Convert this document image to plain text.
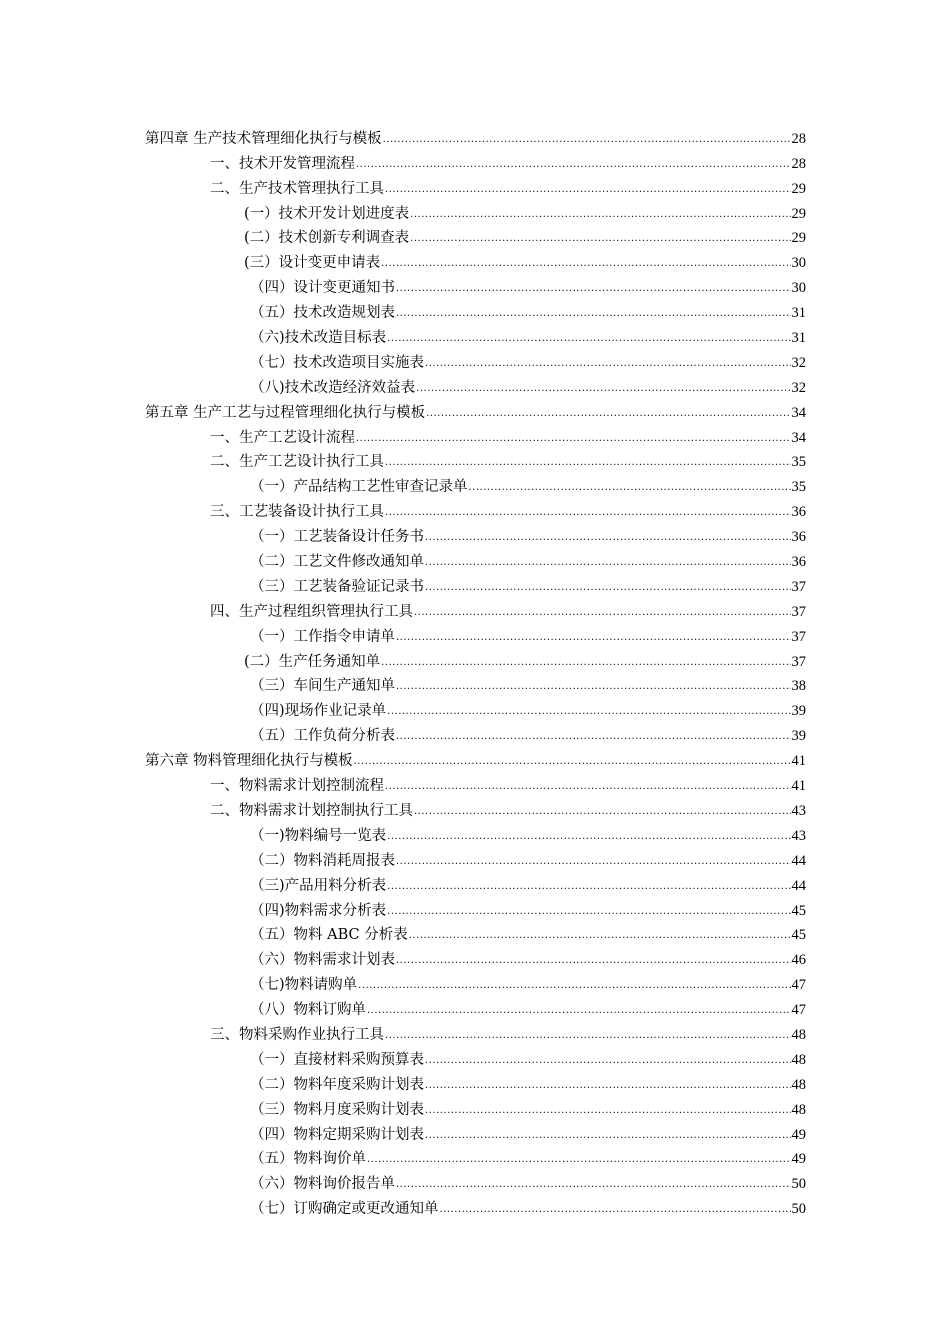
第四章 生产技术管理细化执行与模板 .....	28
一、技术开发管理流程 .....	28
二、生产技术管理执行工具 .....	29
(一）技术开发计划进度表 .....	29
(二）技术创新专利调查表 .....	29
(三）设计变更申请表 .....	30
（四）设计变更通知书 .....	30
（五）技术改造规划表 .....	31
（六)技术改造目标表 .....	31
（七）技术改造项目实施表 .....	32
（八)技术改造经济效益表 .....	32
第五章 生产工艺与过程管理细化执行与模板 .....	34
一、生产工艺设计流程 .....	34
二、生产工艺设计执行工具 .....	35
（一）产品结构工艺性审查记录单 .....	35
三、工艺装备设计执行工具 .....	36
（一）工艺装备设计任务书 .....	36
（二）工艺文件修改通知单 .....	36
（三）工艺装备验证记录书 .....	37
四、生产过程组织管理执行工具 .....	37
（一）工作指令申请单 .....	37
(二）生产任务通知单 .....	37
（三）车间生产通知单 .....	38
（四)现场作业记录单 .....	39
（五）工作负荷分析表 .....	39
第六章 物料管理细化执行与模板 .....	41
一、物料需求计划控制流程 .....	41
二、物料需求计划控制执行工具 .....	43
（一)物料编号一览表 .....	43
（二）物料消耗周报表 .....	44
（三)产品用料分析表 .....	44
（四)物料需求分析表 .....	45
（五）物料 ABC 分析表 .....	45
（六）物料需求计划表 .....	46
（七)物料请购单 .....	47
（八）物料订购单 .....	47
三、物料采购作业执行工具 .....	48
（一）直接材料采购预算表 .....	48
（二）物料年度采购计划表 .....	48
（三）物料月度采购计划表 .....	48
（四）物料定期采购计划表 .....	49
（五）物料询价单 .....	49
（六）物料询价报告单 .....	50
（七）订购确定或更改通知单 .....	50
